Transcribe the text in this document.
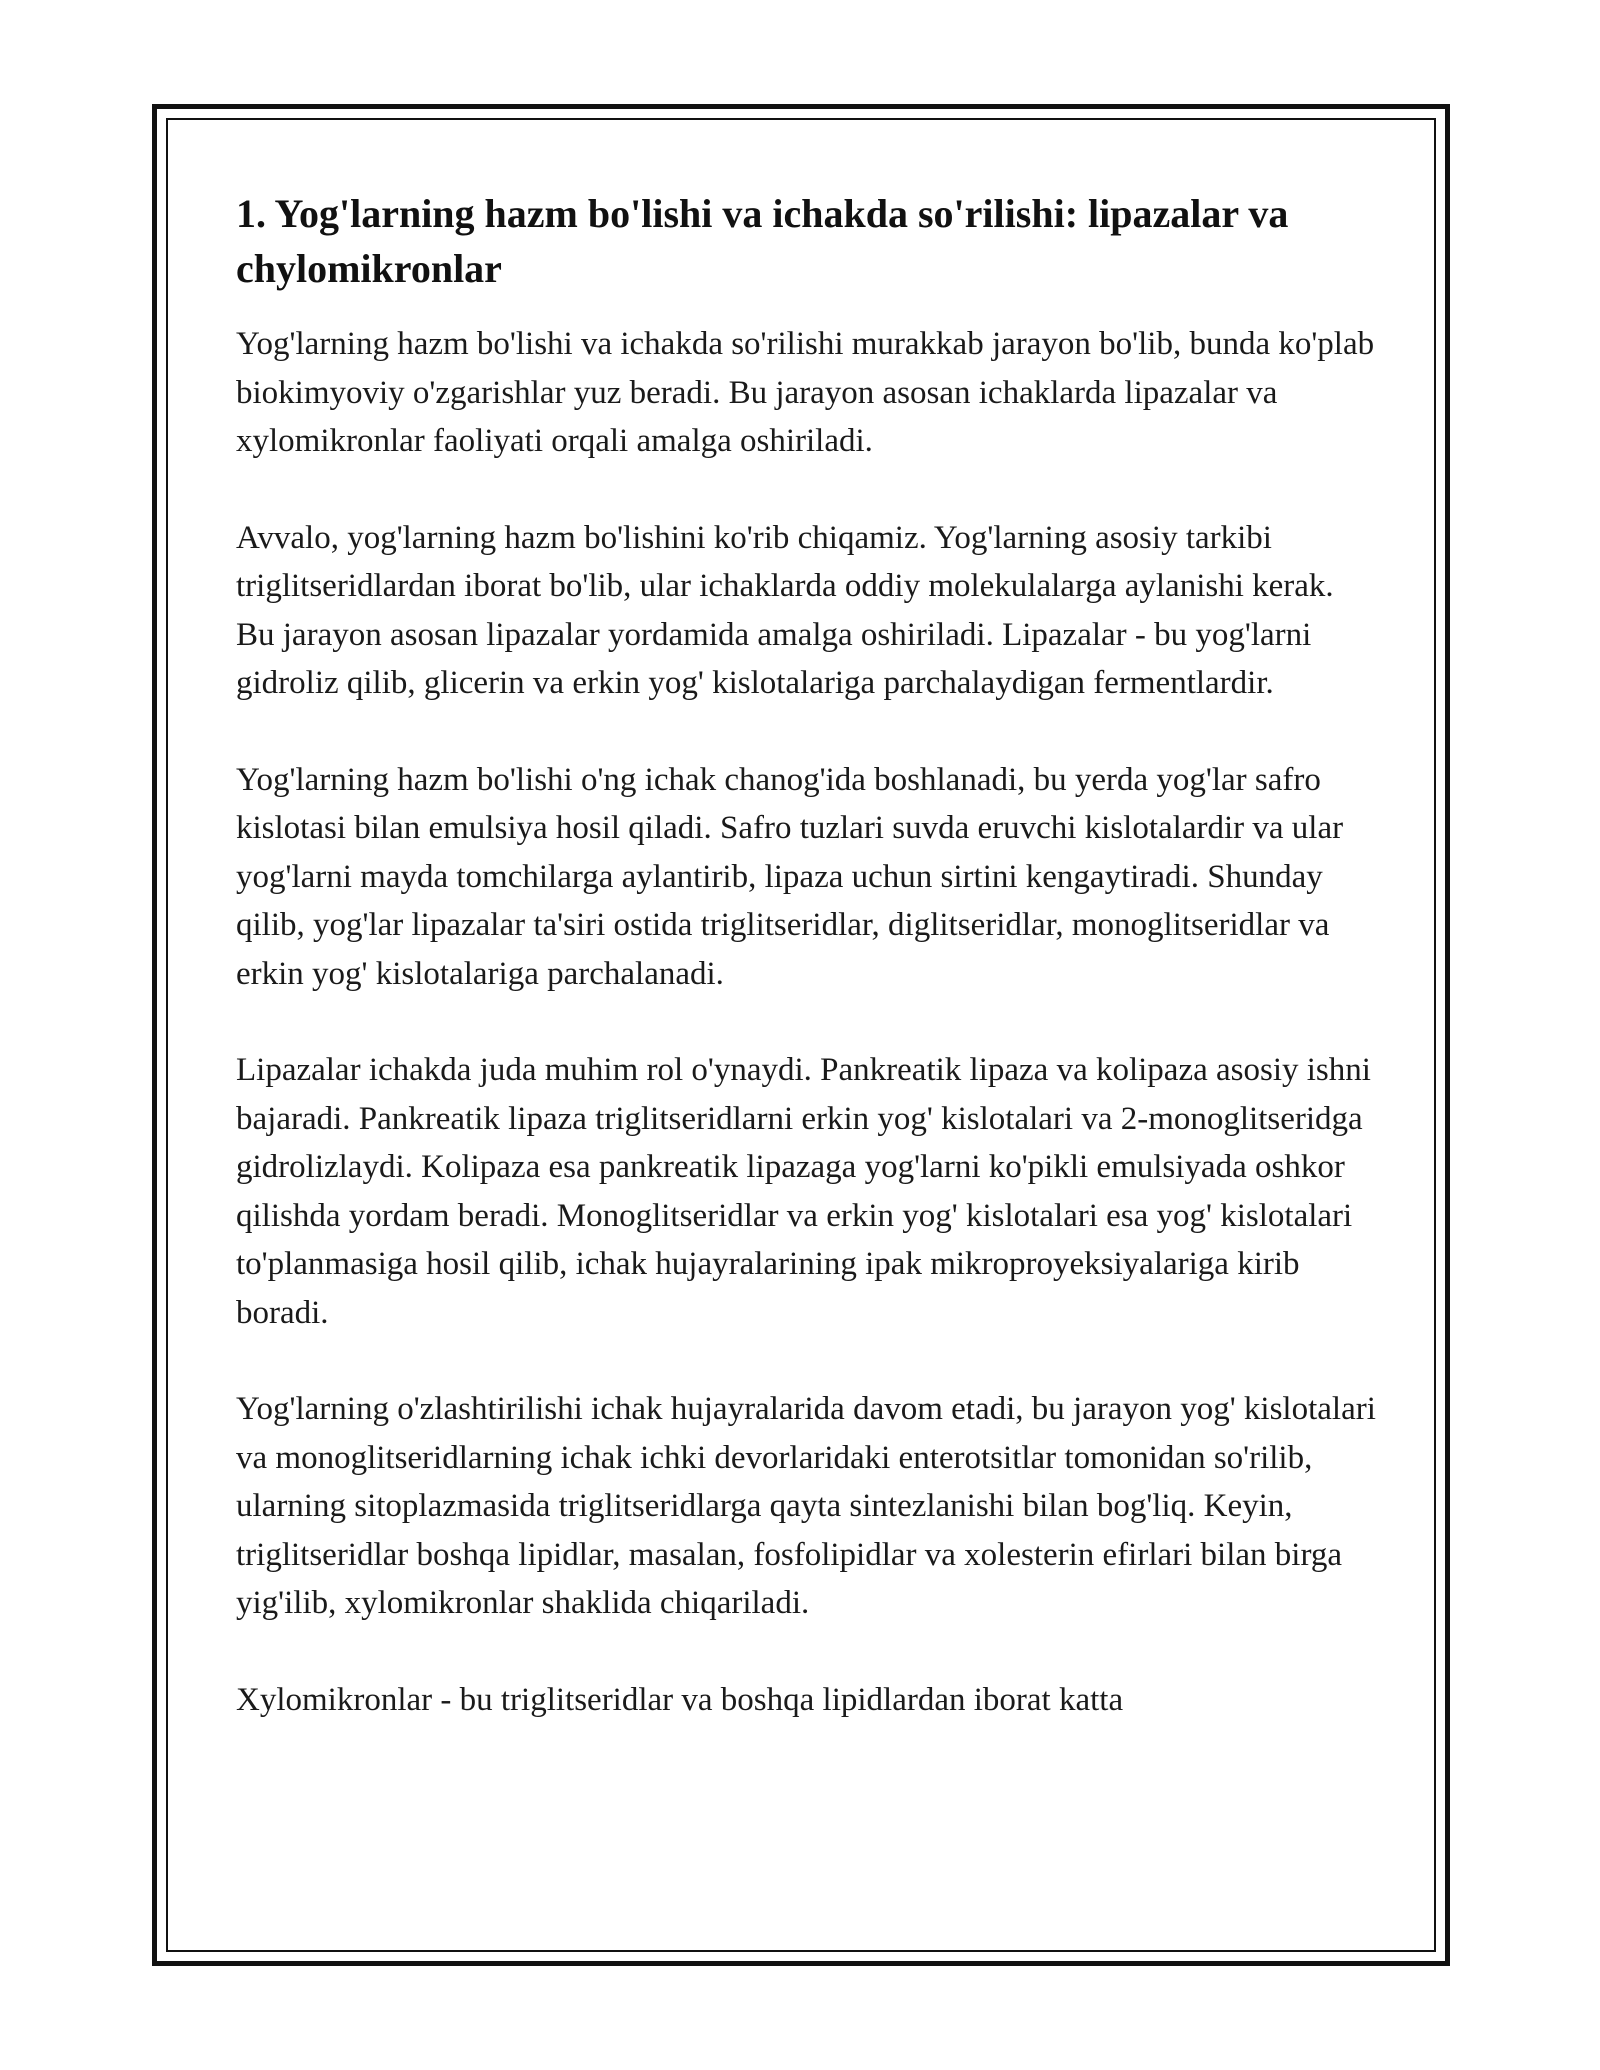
1. Yog'larning hazm bo'lishi va ichakda so'rilishi: lipazalar va chylomikronlar

Yog'larning hazm bo'lishi va ichakda so'rilishi murakkab jarayon bo'lib, bunda ko'plab biokimyoviy o'zgarishlar yuz beradi. Bu jarayon asosan ichaklarda lipazalar va xylomikronlar faoliyati orqali amalga oshiriladi.

Avvalo, yog'larning hazm bo'lishini ko'rib chiqamiz. Yog'larning asosiy tarkibi triglitseridlardan iborat bo'lib, ular ichaklarda oddiy molekulalarga aylanishi kerak. Bu jarayon asosan lipazalar yordamida amalga oshiriladi. Lipazalar - bu yog'larni gidroliz qilib, glicerin va erkin yog' kislotalariga parchalaydigan fermentlardir.

Yog'larning hazm bo'lishi o'ng ichak chanog'ida boshlanadi, bu yerda yog'lar safro kislotasi bilan emulsiya hosil qiladi. Safro tuzlari suvda eruvchi kislotalardir va ular yog'larni mayda tomchilarga aylantirib, lipaza uchun sirtini kengaytiradi. Shunday qilib, yog'lar lipazalar ta'siri ostida triglitseridlar, diglitseridlar, monoglitseridlar va erkin yog' kislotalariga parchalanadi.

Lipazalar ichakda juda muhim rol o'ynaydi. Pankreatik lipaza va kolipaza asosiy ishni bajaradi. Pankreatik lipaza triglitseridlarni erkin yog' kislotalari va 2-monoglitseridga gidrolizlaydi. Kolipaza esa pankreatik lipazaga yog'larni ko'pikli emulsiyada oshkor qilishda yordam beradi. Monoglitseridlar va erkin yog' kislotalari esa yog' kislotalari to'planmasiga hosil qilib, ichak hujayralarining ipak mikroproyeksiyalariga kirib boradi.

Yog'larning o'zlashtirilishi ichak hujayralarida davom etadi, bu jarayon yog' kislotalari va monoglitseridlarning ichak ichki devorlaridaki enterotsitlar tomonidan so'rilib, ularning sitoplazmasida triglitseridlarga qayta sintezlanishi bilan bog'liq. Keyin, triglitseridlar boshqa lipidlar, masalan, fosfolipidlar va xolesterin efirlari bilan birga yig'ilib, xylomikronlar shaklida chiqariladi.

Xylomikronlar - bu triglitseridlar va boshqa lipidlardan iborat katta
